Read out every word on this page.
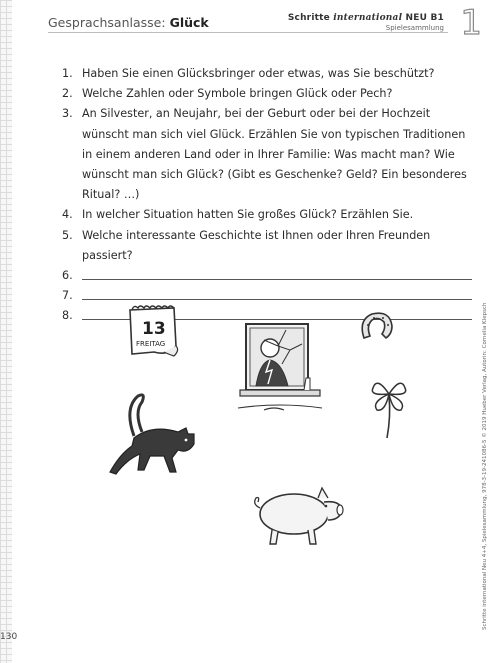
Gesprachsanlasse: Glück	Schritte international NEU B1
Spielesammlung 1
1. Haben Sie einen Glücksbringer oder etwas, was Sie beschützt?
2. Welche Zahlen oder Symbole bringen Glück oder Pech?
3. An Silvester, an Neujahr, bei der Geburt oder bei der Hochzeit wünscht man sich viel Glück. Erzählen Sie von typischen Traditionen in einem anderen Land oder in Ihrer Familie: Was macht man? Wie wünscht man sich Glück? (Gibt es Geschenke? Geld? Ein besonderes Ritual? …)
4. In welcher Situation hatten Sie großes Glück? Erzählen Sie.
5. Welche interessante Geschichte ist Ihnen oder Ihren Freunden passiert?
6.
7.
8.
13
FREITAG	Schritte international Neu 4+4, Spielesammlung, 978-3-19-241086-5 © 2019 Hueber Verlag, Autorin: Cornelia Klepsch
130
